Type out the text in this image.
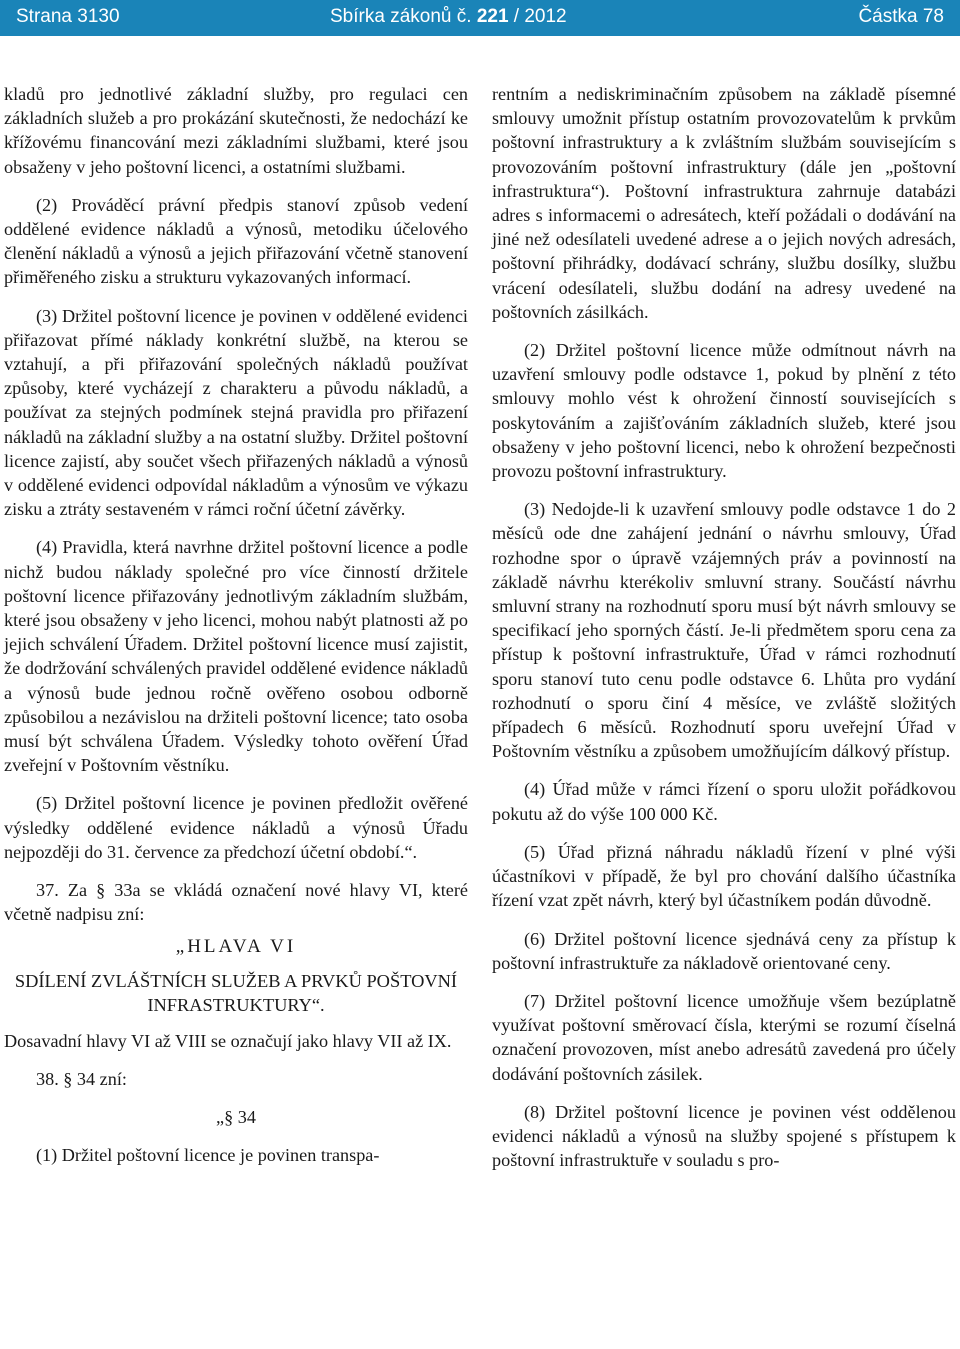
Strana 3130	Sbírka zákonů č. 221 / 2012	Částka 78

kladů pro jednotlivé základní služby, pro regulaci cen základních služeb a pro prokázání skutečnosti, že nedochází ke křížovému financování mezi základními službami, které jsou obsaženy v jeho poštovní licenci, a ostatními službami.

(2) Prováděcí právní předpis stanoví způsob vedení oddělené evidence nákladů a výnosů, metodiku účelového členění nákladů a výnosů a jejich přiřazování včetně stanovení přiměřeného zisku a strukturu vykazovaných informací.

(3) Držitel poštovní licence je povinen v oddělené evidenci přiřazovat přímé náklady konkrétní službě, na kterou se vztahují, a při přiřazování společných nákladů používat způsoby, které vycházejí z charakteru a původu nákladů, a používat za stejných podmínek stejná pravidla pro přiřazení nákladů na základní služby a na ostatní služby. Držitel poštovní licence zajistí, aby součet všech přiřazených nákladů a výnosů v oddělené evidenci odpovídal nákladům a výnosům ve výkazu zisku a ztráty sestaveném v rámci roční účetní závěrky.

(4) Pravidla, která navrhne držitel poštovní licence a podle nichž budou náklady společné pro více činností držitele poštovní licence přiřazovány jednotlivým základním službám, které jsou obsaženy v jeho licenci, mohou nabýt platnosti až po jejich schválení Úřadem. Držitel poštovní licence musí zajistit, že dodržování schválených pravidel oddělené evidence nákladů a výnosů bude jednou ročně ověřeno osobou odborně způsobilou a nezávislou na držiteli poštovní licence; tato osoba musí být schválena Úřadem. Výsledky tohoto ověření Úřad zveřejní v Poštovním věstníku.

(5) Držitel poštovní licence je povinen předložit ověřené výsledky oddělené evidence nákladů a výnosů Úřadu nejpozději do 31. července za předchozí účetní období.“.

37. Za § 33a se vkládá označení nové hlavy VI, které včetně nadpisu zní:

„HLAVA VI
SDÍLENÍ ZVLÁŠTNÍCH SLUŽEB A PRVKŮ POŠTOVNÍ INFRASTRUKTURY“.

Dosavadní hlavy VI až VIII se označují jako hlavy VII až IX.

38. § 34 zní:

„§ 34

(1) Držitel poštovní licence je povinen transpa-

rentním a nediskriminačním způsobem na základě písemné smlouvy umožnit přístup ostatním provozovatelům k prvkům poštovní infrastruktury a k zvláštním službám souvisejícím s provozováním poštovní infrastruktury (dále jen „poštovní infrastruktura“). Poštovní infrastruktura zahrnuje databázi adres s informacemi o adresátech, kteří požádali o dodávání na jiné než odesílateli uvedené adrese a o jejich nových adresách, poštovní přihrádky, dodávací schrány, službu dosílky, službu vrácení odesílateli, službu dodání na adresy uvedené na poštovních zásilkách.

(2) Držitel poštovní licence může odmítnout návrh na uzavření smlouvy podle odstavce 1, pokud by plnění z této smlouvy mohlo vést k ohrožení činností souvisejících s poskytováním a zajišťováním základních služeb, které jsou obsaženy v jeho poštovní licenci, nebo k ohrožení bezpečnosti provozu poštovní infrastruktury.

(3) Nedojde-li k uzavření smlouvy podle odstavce 1 do 2 měsíců ode dne zahájení jednání o návrhu smlouvy, Úřad rozhodne spor o úpravě vzájemných práv a povinností na základě návrhu kterékoliv smluvní strany. Součástí návrhu smluvní strany na rozhodnutí sporu musí být návrh smlouvy se specifikací jeho sporných částí. Je-li předmětem sporu cena za přístup k poštovní infrastruktuře, Úřad v rámci rozhodnutí sporu stanoví tuto cenu podle odstavce 6. Lhůta pro vydání rozhodnutí o sporu činí 4 měsíce, ve zvláště složitých případech 6 měsíců. Rozhodnutí sporu uveřejní Úřad v Poštovním věstníku a způsobem umožňujícím dálkový přístup.

(4) Úřad může v rámci řízení o sporu uložit pořádkovou pokutu až do výše 100 000 Kč.

(5) Úřad přizná náhradu nákladů řízení v plné výši účastníkovi v případě, že byl pro chování dalšího účastníka řízení vzat zpět návrh, který byl účastníkem podán důvodně.

(6) Držitel poštovní licence sjednává ceny za přístup k poštovní infrastruktuře za nákladově orientované ceny.

(7) Držitel poštovní licence umožňuje všem bezúplatně využívat poštovní směrovací čísla, kterými se rozumí číselná označení provozoven, míst anebo adresátů zavedená pro účely dodávání poštovních zásilek.

(8) Držitel poštovní licence je povinen vést oddělenou evidenci nákladů a výnosů na služby spojené s přístupem k poštovní infrastruktuře v souladu s pro-
